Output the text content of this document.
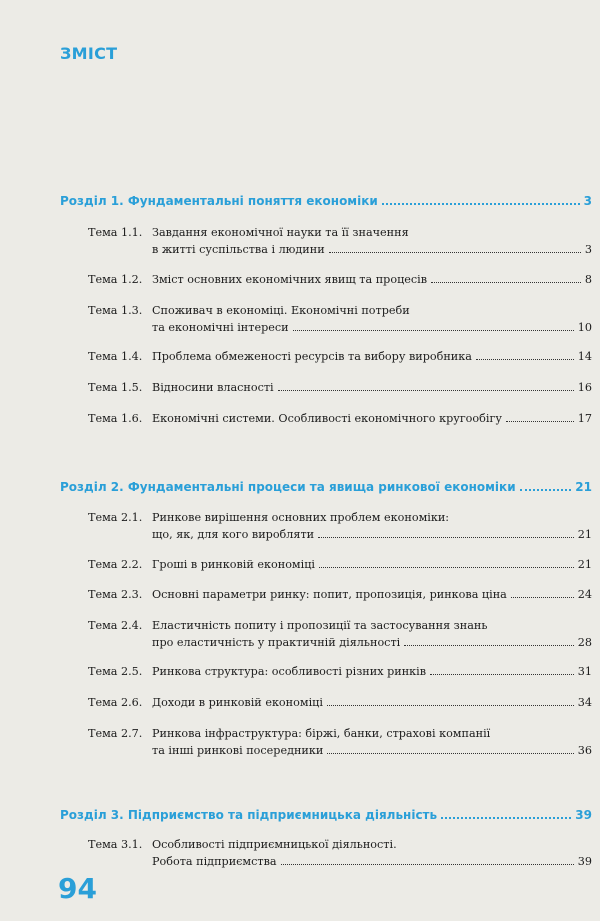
ЗМІСТ
Розділ 1. Фундаментальні поняття економіки	3
Тема 1.1. Завдання економічної науки та її значення
в житті суспільства і людини	3
Тема 1.2. Зміст основних економічних явищ та процесів	8
Тема 1.3. Споживач в економіці. Економічні потреби
та економічні інтереси	10
Тема 1.4. Проблема обмеженості ресурсів та вибору виробника	14
Тема 1.5. Відносини власності	16
Тема 1.6. Економічні системи. Особливості економічного кругообігу	17
Розділ 2. Фундаментальні процеси та явища ринкової економіки	21
Тема 2.1. Ринкове вирішення основних проблем економіки:
що, як, для кого виробляти	21
Тема 2.2. Гроші в ринковій економіці	21
Тема 2.3. Основні параметри ринку: попит, пропозиція, ринкова ціна	24
Тема 2.4. Еластичність попиту і пропозиції та застосування знань
про еластичність у практичній діяльності	28
Тема 2.5. Ринкова структура: особливості різних ринків	31
Тема 2.6. Доходи в ринковій економіці	34
Тема 2.7. Ринкова інфраструктура: біржі, банки, страхові компанії
та інші ринкові посередники	36
Розділ 3. Підприємство та підприємницька діяльність	39
Тема 3.1. Особливості підприємницької діяльності.
Робота підприємства	39
94
